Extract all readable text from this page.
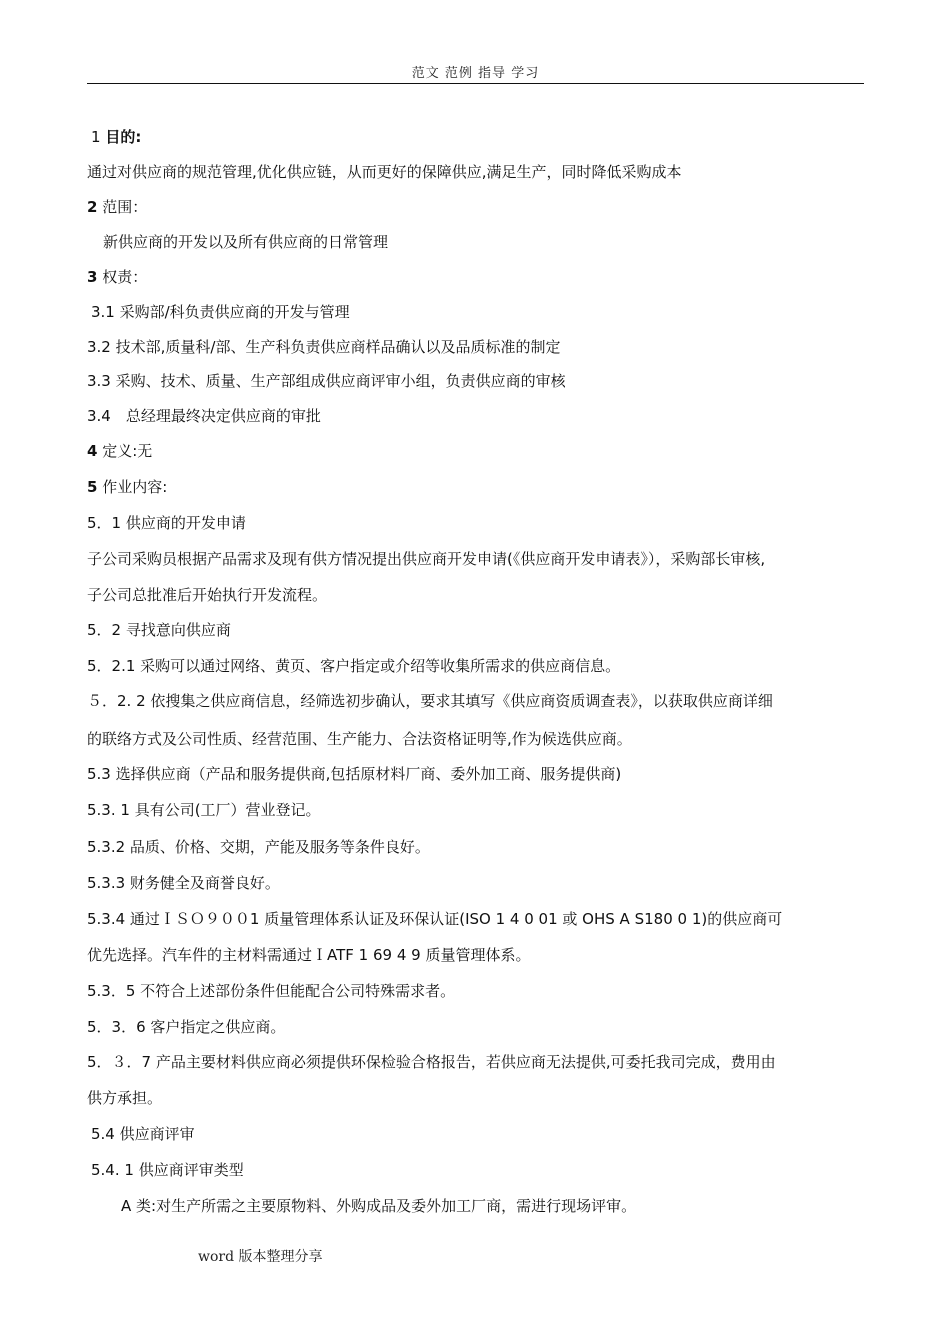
范文 范例 指导 学习
1 目的:
通过对供应商的规范管理,优化供应链，从而更好的保障供应,满足生产，同时降低采购成本
2 范围：
新供应商的开发以及所有供应商的日常管理
3 权责：
3.1 采购部/科负责供应商的开发与管理
3.2 技术部,质量科/部、生产科负责供应商样品确认以及品质标准的制定
3.3 采购、技术、质量、生产部组成供应商评审小组，负责供应商的审核
3.4　总经理最终决定供应商的审批
4 定义:无
5 作业内容:
5．1 供应商的开发申请
子公司采购员根据产品需求及现有供方情况提出供应商开发申请(《供应商开发申请表》），采购部长审核,
子公司总批准后开始执行开发流程。
5．2 寻找意向供应商
5．2.1 采购可以通过网络、黄页、客户指定或介绍等收集所需求的供应商信息。
５．2. 2 依搜集之供应商信息，经筛选初步确认，要求其填写《供应商资质调查表》，以获取供应商详细
的联络方式及公司性质、经营范围、生产能力、合法资格证明等,作为候选供应商。
5.3 选择供应商（产品和服务提供商,包括原材料厂商、委外加工商、服务提供商)
5.3. 1 具有公司(工厂）营业登记。
5.3.2 品质、价格、交期，产能及服务等条件良好。
5.3.3 财务健全及商誉良好。
5.3.4 通过ＩＳＯ９００1 质量管理体系认证及环保认证(ISO 1 4 0 01 或 OHS A S180 0 1)的供应商可
优先选择。汽车件的主材料需通过ＩATF 1 69 4 9 质量管理体系。
5.3．5 不符合上述部份条件但能配合公司特殊需求者。
5．3．6 客户指定之供应商。
5．３．7 产品主要材料供应商必须提供环保检验合格报告，若供应商无法提供,可委托我司完成，费用由
供方承担。
5.4 供应商评审
5.4. 1 供应商评审类型
A 类:对生产所需之主要原物料、外购成品及委外加工厂商，需进行现场评审。
word 版本整理分享
